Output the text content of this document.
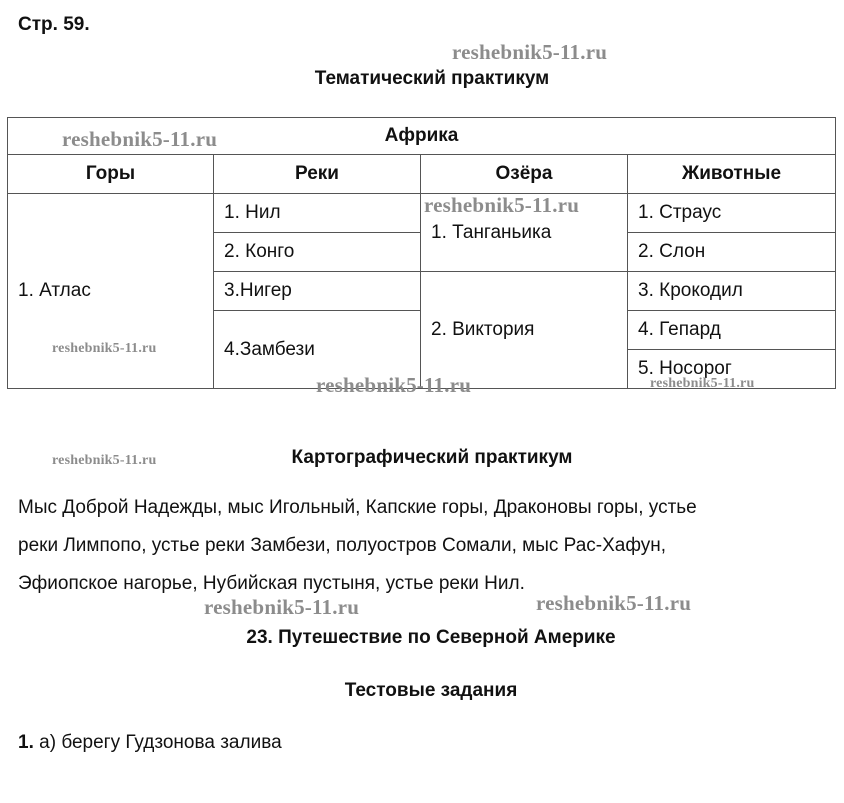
Стр. 59.
reshebnik5-11.ru
Тематический практикум
Африка			
Горы	Реки	Озёра	Животные
1. Атлас	1. Нил	1. Танганьика	1. Страус
	2. Конго		2. Слон
	3.Нигер	2. Виктория	3. Крокодил
	4.Замбези		4. Гепард
			5. Носорог
reshebnik5-11.ru
reshebnik5-11.ru
reshebnik5-11.ru
reshebnik5-11.ru	reshebnik5-11.ru
reshebnik5-11.ru	Картографический практикум
Мыс Доброй Надежды, мыс Игольный, Капские горы, Драконовы горы, устье
реки Лимпопо, устье реки Замбези, полуостров Сомали, мыс Рас-Хафун,
Эфиопское нагорье, Нубийская пустыня, устье реки Нил.
reshebnik5-11.ru	reshebnik5-11.ru
23. Путешествие по Северной Америке
Тестовые задания
1. а) берегу Гудзонова залива
